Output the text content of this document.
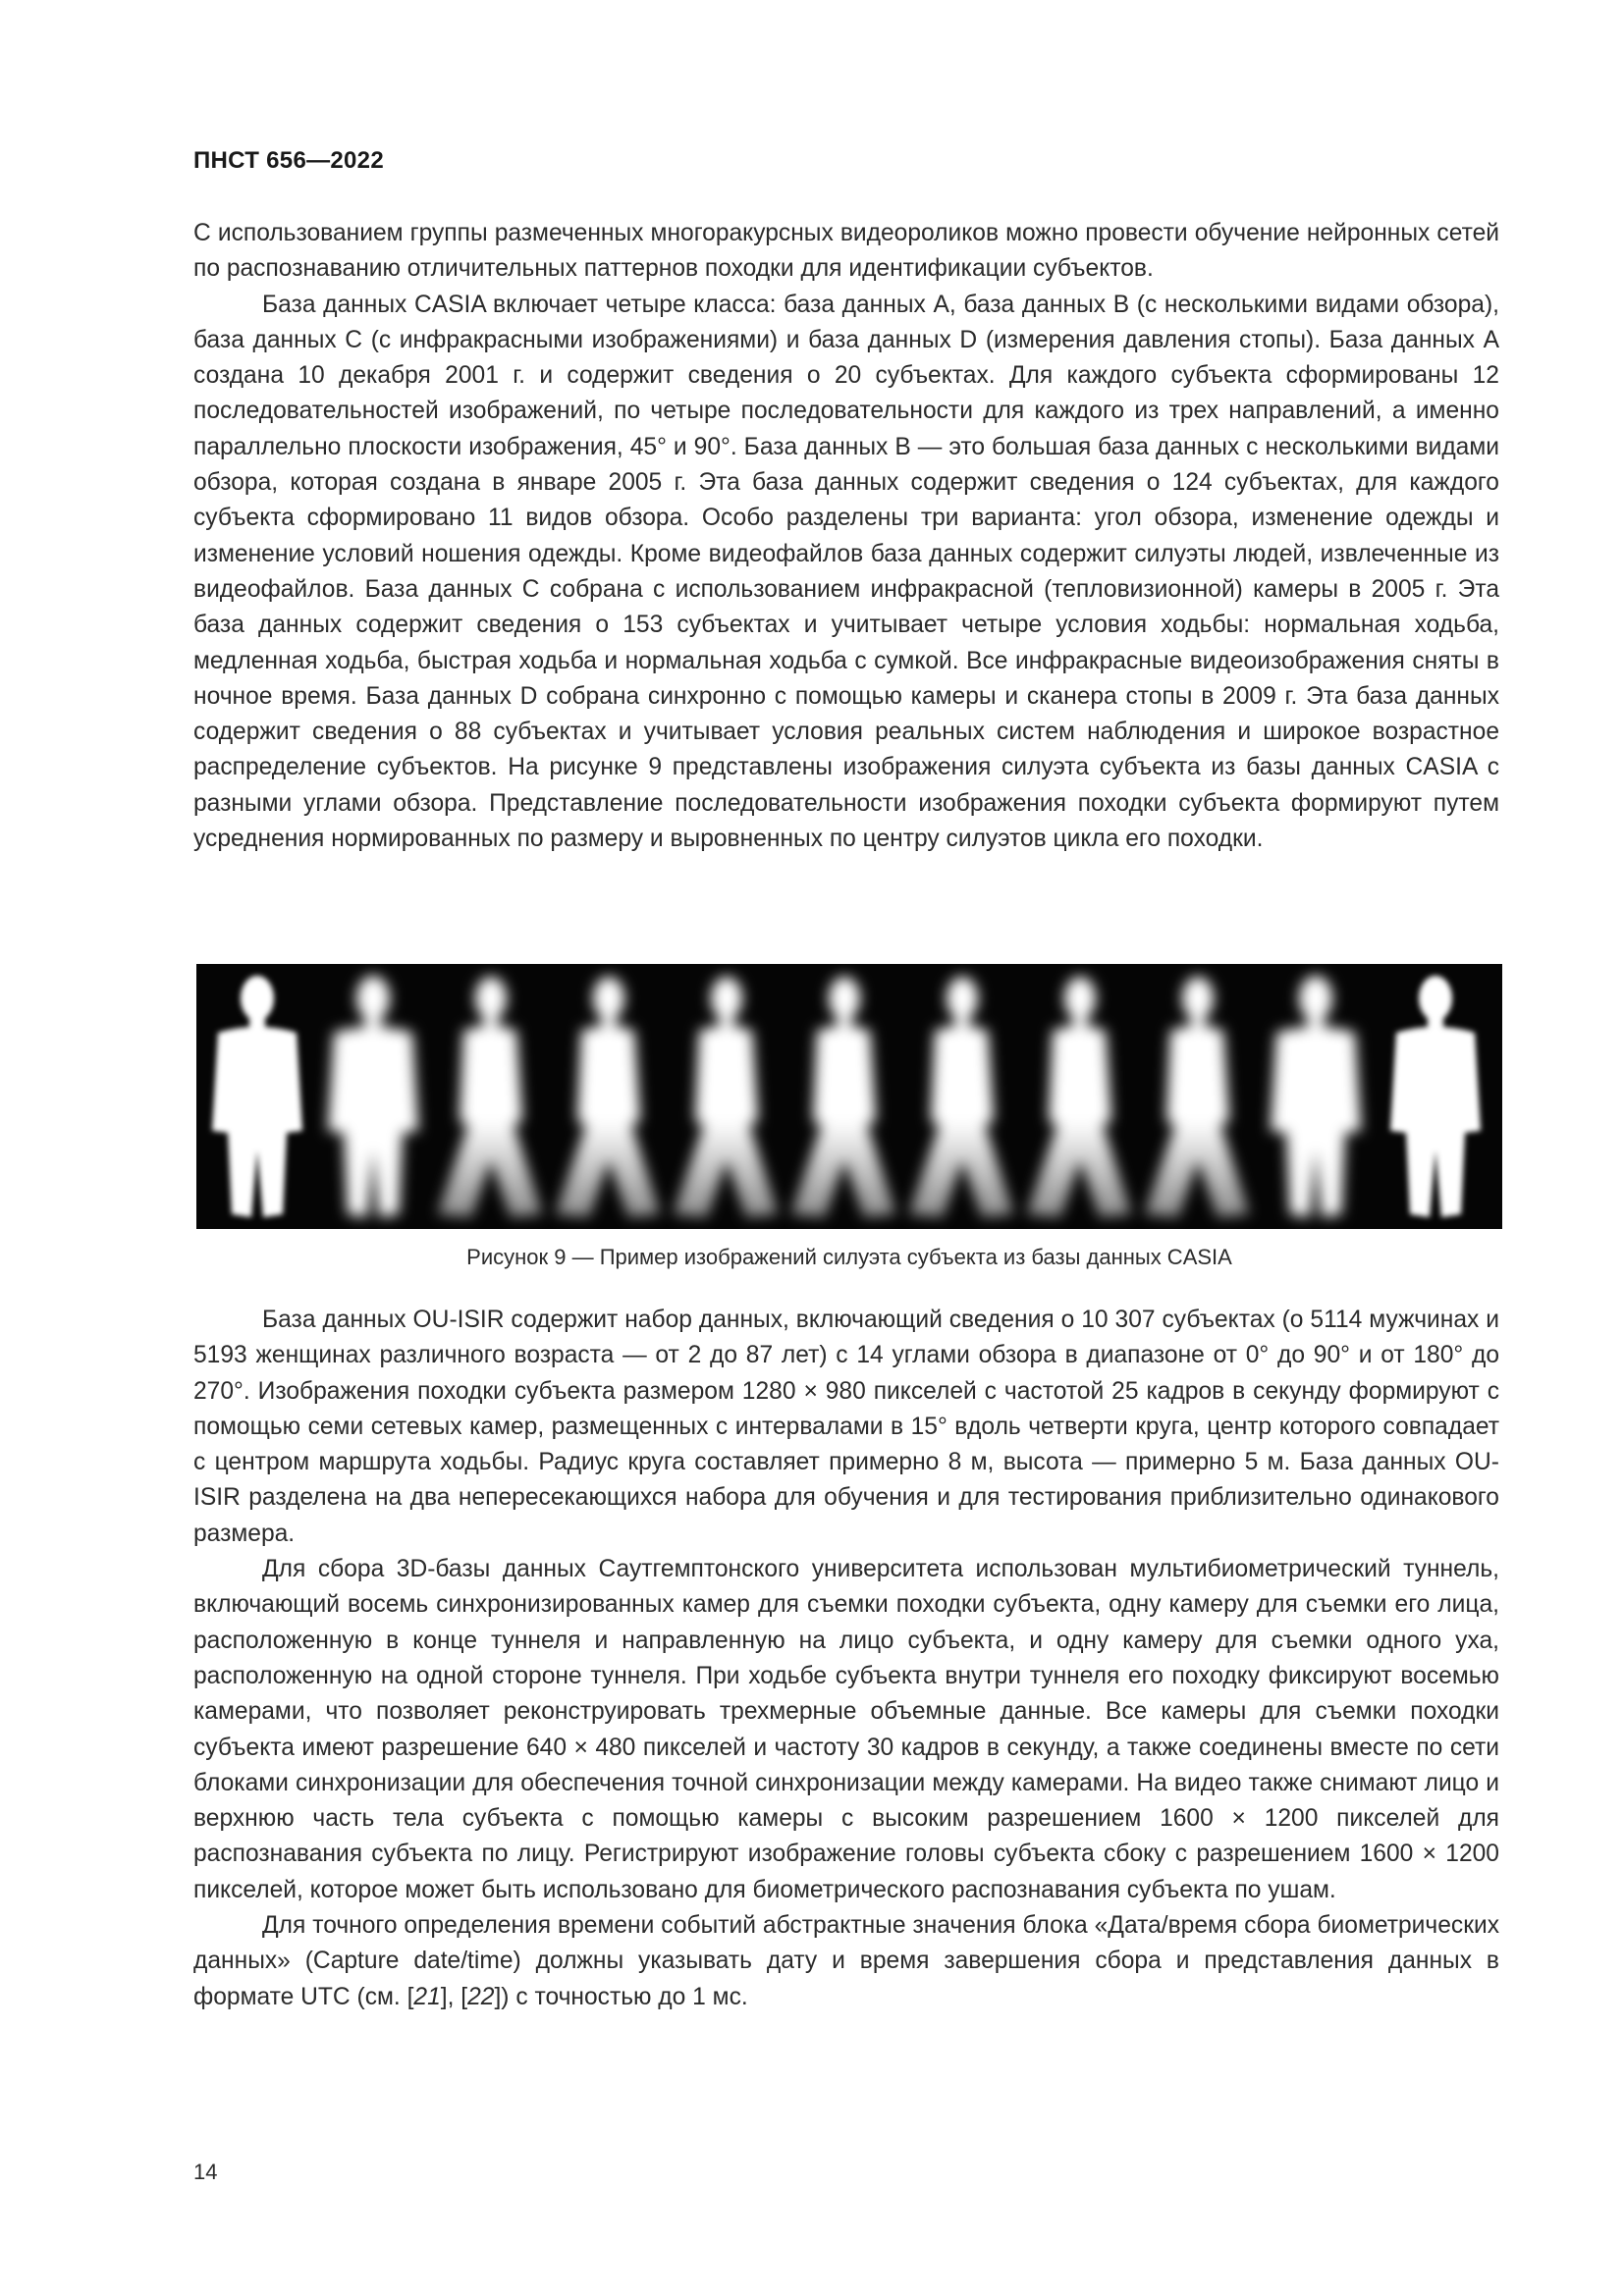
ПНСТ 656—2022

С использованием группы размеченных многоракурсных видеороликов можно провести обучение нейронных сетей по распознаванию отличительных паттернов походки для идентификации субъектов.

База данных CASIA включает четыре класса: база данных A, база данных B (с несколькими видами обзора), база данных C (с инфракрасными изображениями) и база данных D (измерения давления стопы). База данных A создана 10 декабря 2001 г. и содержит сведения о 20 субъектах. Для каждого субъекта сформированы 12 последовательностей изображений, по четыре последовательности для каждого из трех направлений, а именно параллельно плоскости изображения, 45° и 90°. База данных B — это большая база данных с несколькими видами обзора, которая создана в январе 2005 г. Эта база данных содержит сведения о 124 субъектах, для каждого субъекта сформировано 11 видов обзора. Особо разделены три варианта: угол обзора, изменение одежды и изменение условий ношения одежды. Кроме видеофайлов база данных содержит силуэты людей, извлеченные из видеофайлов. База данных C собрана с использованием инфракрасной (тепловизионной) камеры в 2005 г. Эта база данных содержит сведения о 153 субъектах и учитывает четыре условия ходьбы: нормальная ходьба, медленная ходьба, быстрая ходьба и нормальная ходьба с сумкой. Все инфракрасные видеоизображения сняты в ночное время. База данных D собрана синхронно с помощью камеры и сканера стопы в 2009 г. Эта база данных содержит сведения о 88 субъектах и учитывает условия реальных систем наблюдения и широкое возрастное распределение субъектов. На рисунке 9 представлены изображения силуэта субъекта из базы данных CASIA с разными углами обзора. Представление последовательности изображения походки субъекта формируют путем усреднения нормированных по размеру и выровненных по центру силуэтов цикла его походки.

Рисунок 9 — Пример изображений силуэта субъекта из базы данных CASIA

База данных OU-ISIR содержит набор данных, включающий сведения о 10 307 субъектах (о 5114 мужчинах и 5193 женщинах различного возраста — от 2 до 87 лет) с 14 углами обзора в диапазоне от 0° до 90° и от 180° до 270°. Изображения походки субъекта размером 1280 × 980 пикселей с частотой 25 кадров в секунду формируют с помощью семи сетевых камер, размещенных с интервалами в 15° вдоль четверти круга, центр которого совпадает с центром маршрута ходьбы. Радиус круга составляет примерно 8 м, высота — примерно 5 м. База данных OU-ISIR разделена на два непересекающихся набора для обучения и для тестирования приблизительно одинакового размера.

Для сбора 3D-базы данных Саутгемптонского университета использован мультибиометрический туннель, включающий восемь синхронизированных камер для съемки походки субъекта, одну камеру для съемки его лица, расположенную в конце туннеля и направленную на лицо субъекта, и одну камеру для съемки одного уха, расположенную на одной стороне туннеля. При ходьбе субъекта внутри туннеля его походку фиксируют восемью камерами, что позволяет реконструировать трехмерные объемные данные. Все камеры для съемки походки субъекта имеют разрешение 640 × 480 пикселей и частоту 30 кадров в секунду, а также соединены вместе по сети блоками синхронизации для обеспечения точной синхронизации между камерами. На видео также снимают лицо и верхнюю часть тела субъекта с помощью камеры с высоким разрешением 1600 × 1200 пикселей для распознавания субъекта по лицу. Регистрируют изображение головы субъекта сбоку с разрешением 1600 × 1200 пикселей, которое может быть использовано для биометрического распознавания субъекта по ушам.

Для точного определения времени событий абстрактные значения блока «Дата/время сбора биометрических данных» (Capture date/time) должны указывать дату и время завершения сбора и представления данных в формате UTC (см. [21], [22]) с точностью до 1 мс.

14
